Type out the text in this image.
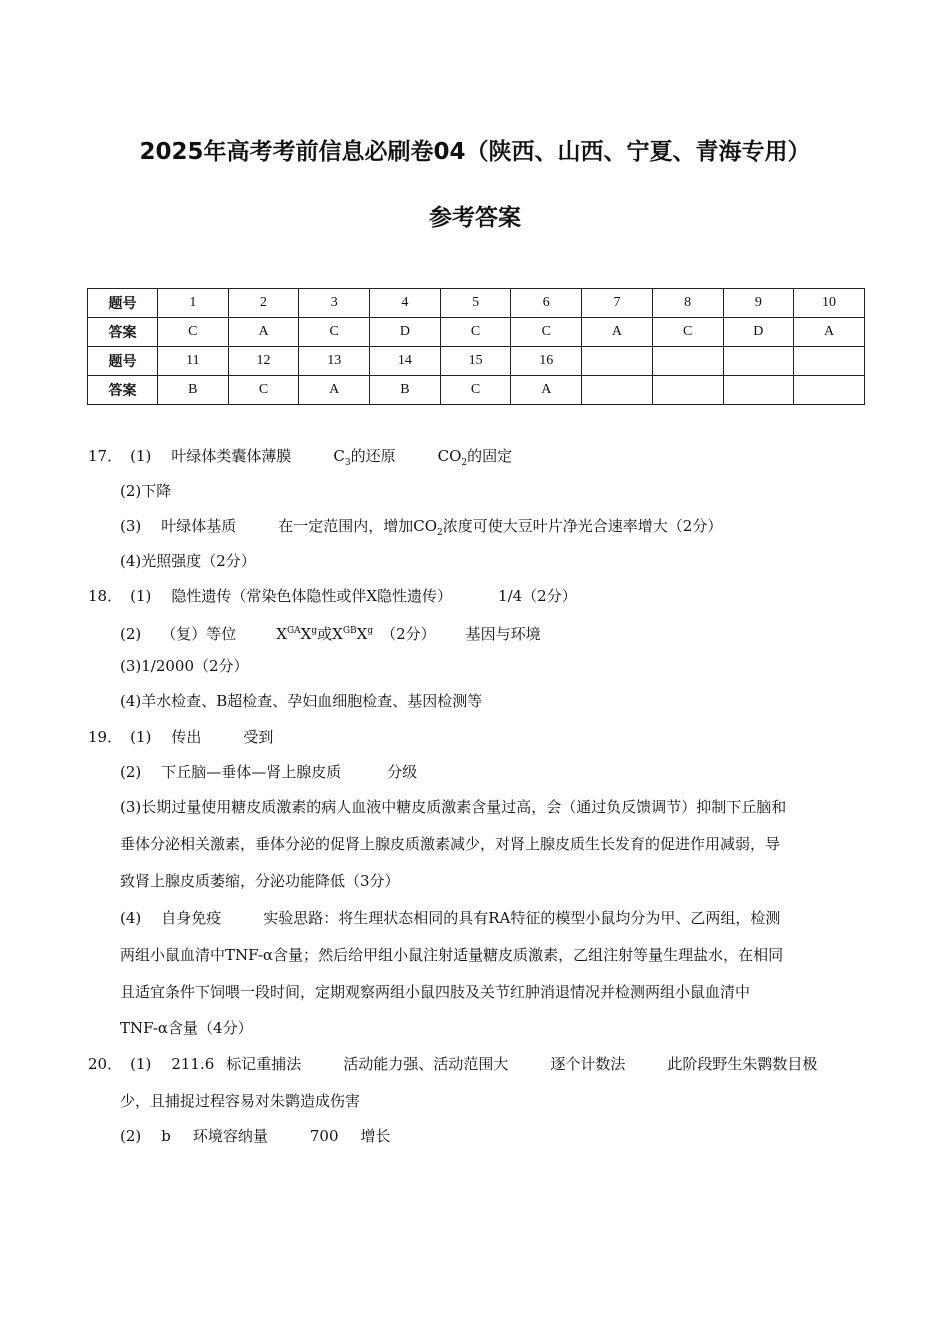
2025年高考考前信息必刷卷04（陕西、山西、宁夏、青海专用）
参考答案
题号	1	2	3	4	5	6	7	8	9	10
答案	C	A	C	D	C	C	A	C	D	A
题号	11	12	13	14	15	16				
答案	B	C	A	B	C	A				
17． (1) 叶绿体类囊体薄膜	$C_3$的还原	$CO_2$的固定
(2)下降
(3) 叶绿体基质	在一定范围内，增加$CO_2$浓度可使大豆叶片净光合速率增大（2分）
(4)光照强度（2分）
18． (1) 隐性遗传（常染色体隐性或伴X隐性遗传）	1/4（2分）
(2) （复）等位	$X^{GA}X^g$或$X^{GB}X^g$ （2分） 基因与环境
(3)1/2000（2分）
(4)羊水检查、B超检查、孕妇血细胞检查、基因检测等
19． (1) 传出	受到
(2) 下丘脑—垂体—肾上腺皮质	分级
(3)长期过量使用糖皮质激素的病人血液中糖皮质激素含量过高，会（通过负反馈调节）抑制下丘脑和
垂体分泌相关激素，垂体分泌的促肾上腺皮质激素减少，对肾上腺皮质生长发育的促进作用减弱，导
致肾上腺皮质萎缩，分泌功能降低（3分）
(4) 自身免疫	实验思路：将生理状态相同的具有RA特征的模型小鼠均分为甲、乙两组，检测
两组小鼠血清中TNF-α含量；然后给甲组小鼠注射适量糖皮质激素，乙组注射等量生理盐水，在相同
且适宜条件下饲喂一段时间，定期观察两组小鼠四肢及关节红肿消退情况并检测两组小鼠血清中
TNF-α含量（4分）
20． (1) 211.6 标记重捕法	活动能力强、活动范围大	逐个计数法	此阶段野生朱鹮数目极
少，且捕捉过程容易对朱鹮造成伤害
(2) b 环境容纳量	700 增长
